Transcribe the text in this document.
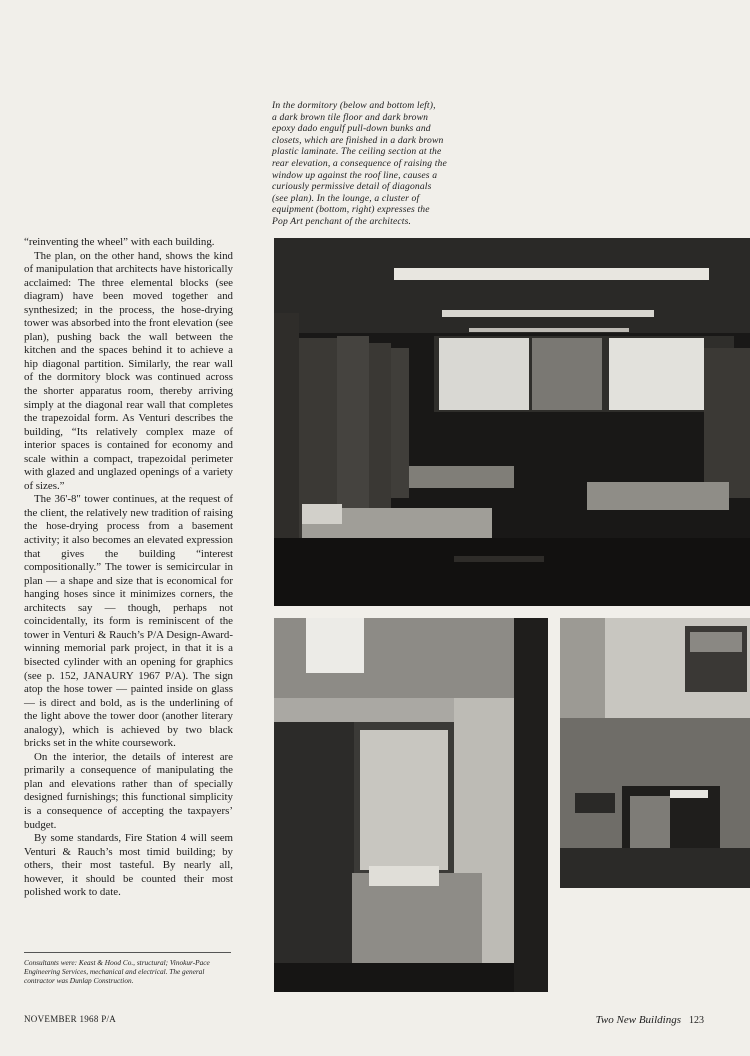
In the dormitory (below and bottom left),
a dark brown tile floor and dark brown
epoxy dado engulf pull-down bunks and
closets, which are finished in a dark brown
plastic laminate. The ceiling section at the
rear elevation, a consequence of raising the
window up against the roof line, causes a
curiously permissive detail of diagonals
(see plan). In the lounge, a cluster of
equipment (bottom, right) expresses the
Pop Art penchant of the architects.

“reinventing the wheel” with each building.

The plan, on the other hand, shows the kind of manipulation that architects have historically acclaimed: The three elemental blocks (see diagram) have been moved together and synthesized; in the process, the hose-drying tower was absorbed into the front elevation (see plan), pushing back the wall between the kitchen and the spaces behind it to achieve a hip diagonal partition. Similarly, the rear wall of the dormitory block was continued across the shorter apparatus room, thereby arriving simply at the diagonal rear wall that completes the trapezoidal form. As Venturi describes the building, “Its relatively complex maze of interior spaces is contained for economy and scale within a compact, trapezoidal perimeter with glazed and unglazed openings of a variety of sizes.”

The 36'-8" tower continues, at the request of the client, the relatively new tradition of raising the hose-drying process from a basement activity; it also becomes an elevated expression that gives the building “interest compositionally.” The tower is semicircular in plan — a shape and size that is economical for hanging hoses since it minimizes corners, the architects say — though, perhaps not coincidentally, its form is reminiscent of the tower in Venturi & Rauch’s P/A Design-Award-winning memorial park project, in that it is a bisected cylinder with an opening for graphics (see p. 152, JANAURY 1967 P/A). The sign atop the hose tower — painted inside on glass — is direct and bold, as is the underlining of the light above the tower door (another literary analogy), which is achieved by two black bricks set in the white coursework.

On the interior, the details of interest are primarily a consequence of manipulating the plan and elevations rather than of specially designed furnishings; this functional simplicity is a consequence of accepting the taxpayers’ budget.

By some standards, Fire Station 4 will seem Venturi & Rauch’s most timid building; by others, their most tasteful. By nearly all, however, it should be counted their most polished work to date.

Consultants were: Keast & Hood Co., structural; Vinokur-Pace Engineering Services, mechanical and electrical. The general contractor was Dunlap Construction.
NOVEMBER 1968 P/A	Two New Buildings 123
